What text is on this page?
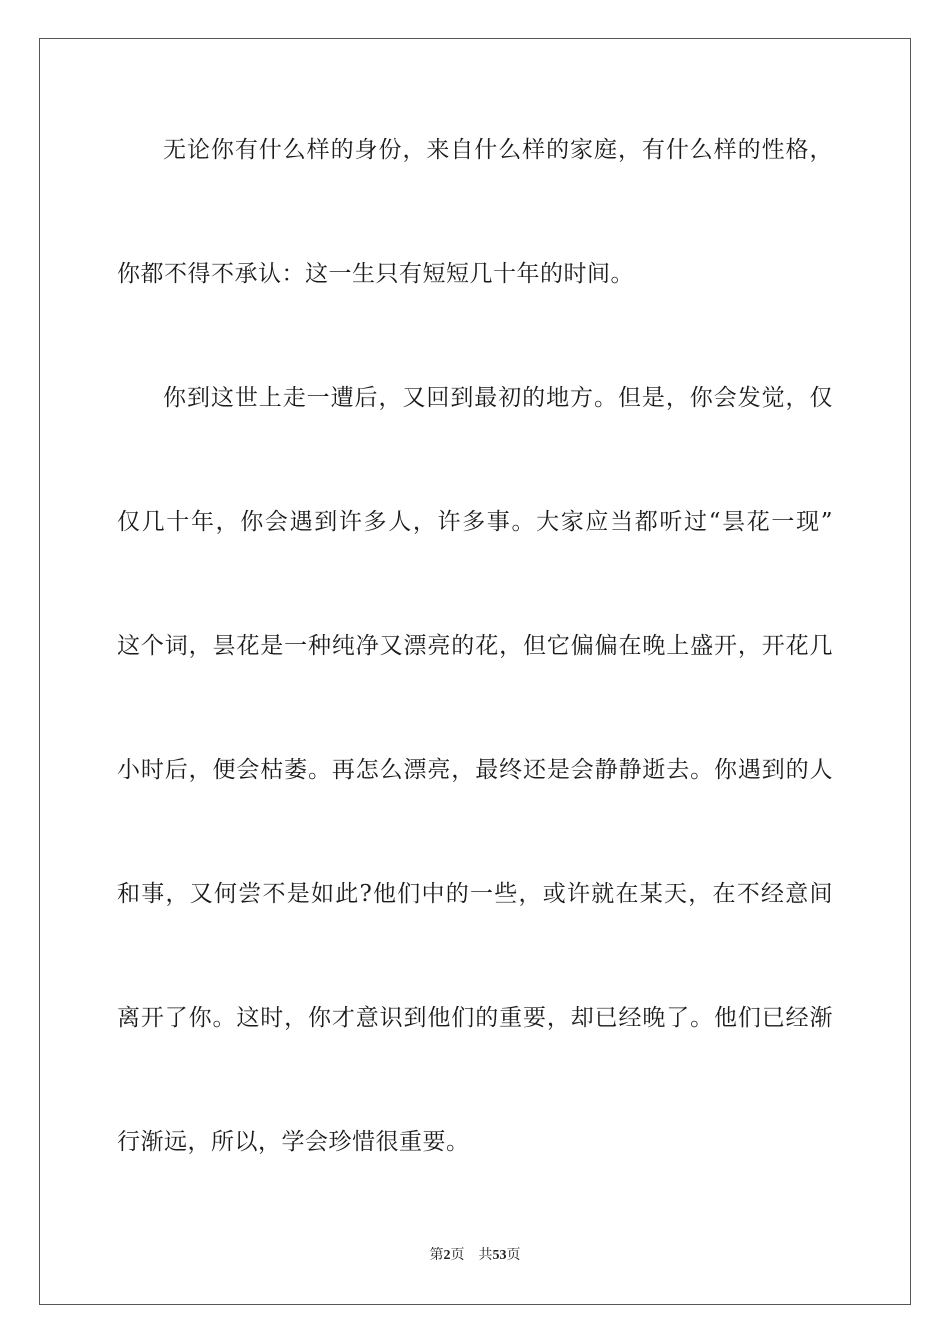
无论你有什么样的身份，来自什么样的家庭，有什么样的性格，
你都不得不承认：这一生只有短短几十年的时间。
你到这世上走一遭后，又回到最初的地方。但是，你会发觉，仅
仅几十年，你会遇到许多人，许多事。大家应当都听过“昙花一现”
这个词，昙花是一种纯净又漂亮的花，但它偏偏在晚上盛开，开花几
小时后，便会枯萎。再怎么漂亮，最终还是会静静逝去。你遇到的人
和事，又何尝不是如此?他们中的一些，或许就在某天，在不经意间
离开了你。这时，你才意识到他们的重要，却已经晚了。他们已经渐
行渐远，所以，学会珍惜很重要。
第2页 共53页
